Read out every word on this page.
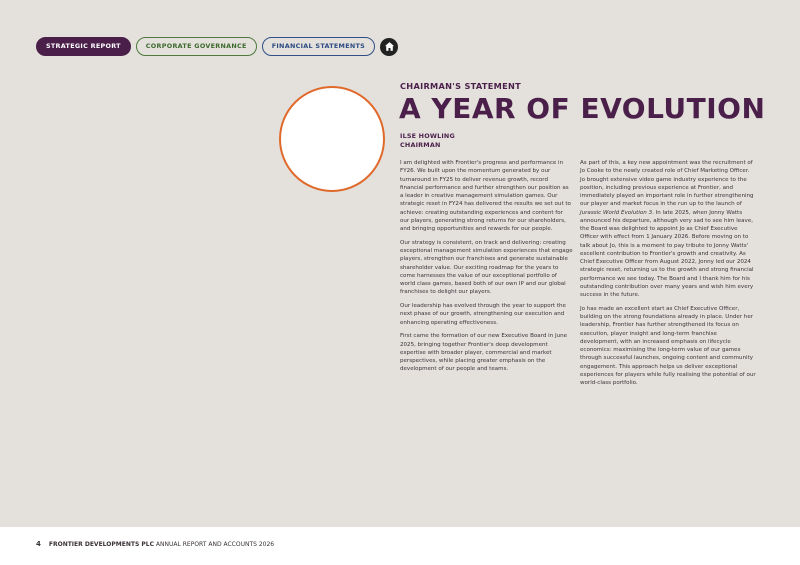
STRATEGIC REPORT	CORPORATE GOVERNANCE	FINANCIAL STATEMENTS
CHAIRMAN'S STATEMENT
A YEAR OF EVOLUTION
ILSE HOWLING
CHAIRMAN

I am delighted with Frontier's progress and performance in FY26. We built upon the momentum generated by our turnaround in FY25 to deliver revenue growth, record financial performance and further strengthen our position as a leader in creative management simulation games. Our strategic reset in FY24 has delivered the results we set out to achieve: creating outstanding experiences and content for our players, generating strong returns for our shareholders, and bringing opportunities and rewards for our people.

Our strategy is consistent, on track and delivering: creating exceptional management simulation experiences that engage players, strengthen our franchises and generate sustainable shareholder value. Our exciting roadmap for the years to come harnesses the value of our exceptional portfolio of world class games, based both of our own IP and our global franchises to delight our players.

Our leadership has evolved through the year to support the next phase of our growth, strengthening our execution and enhancing operating effectiveness.

First came the formation of our new Executive Board in June 2025, bringing together Frontier's deep development expertise with broader player, commercial and market perspectives, while placing greater emphasis on the development of our people and teams.

As part of this, a key new appointment was the recruitment of Jo Cooke to the newly created role of Chief Marketing Officer. Jo brought extensive video game industry experience to the position, including previous experience at Frontier, and immediately played an important role in further strengthening our player and market focus in the run up to the launch of Jurassic World Evolution 3. In late 2025, when Jonny Watts announced his departure, although very sad to see him leave, the Board was delighted to appoint Jo as Chief Executive Officer with effect from 1 January 2026. Before moving on to talk about Jo, this is a moment to pay tribute to Jonny Watts' excellent contribution to Frontier's growth and creativity. As Chief Executive Officer from August 2022, Jonny led our 2024 strategic reset, returning us to the growth and strong financial performance we see today. The Board and I thank him for his outstanding contribution over many years and wish him every success in the future.

Jo has made an excellent start as Chief Executive Officer, building on the strong foundations already in place. Under her leadership, Frontier has further strengthened its focus on execution, player insight and long-term franchise development, with an increased emphasis on lifecycle economics: maximising the long-term value of our games through successful launches, ongoing content and community engagement. This approach helps us deliver exceptional experiences for players while fully realising the potential of our world-class portfolio.

4 FRONTIER DEVELOPMENTS PLC ANNUAL REPORT AND ACCOUNTS 2026
